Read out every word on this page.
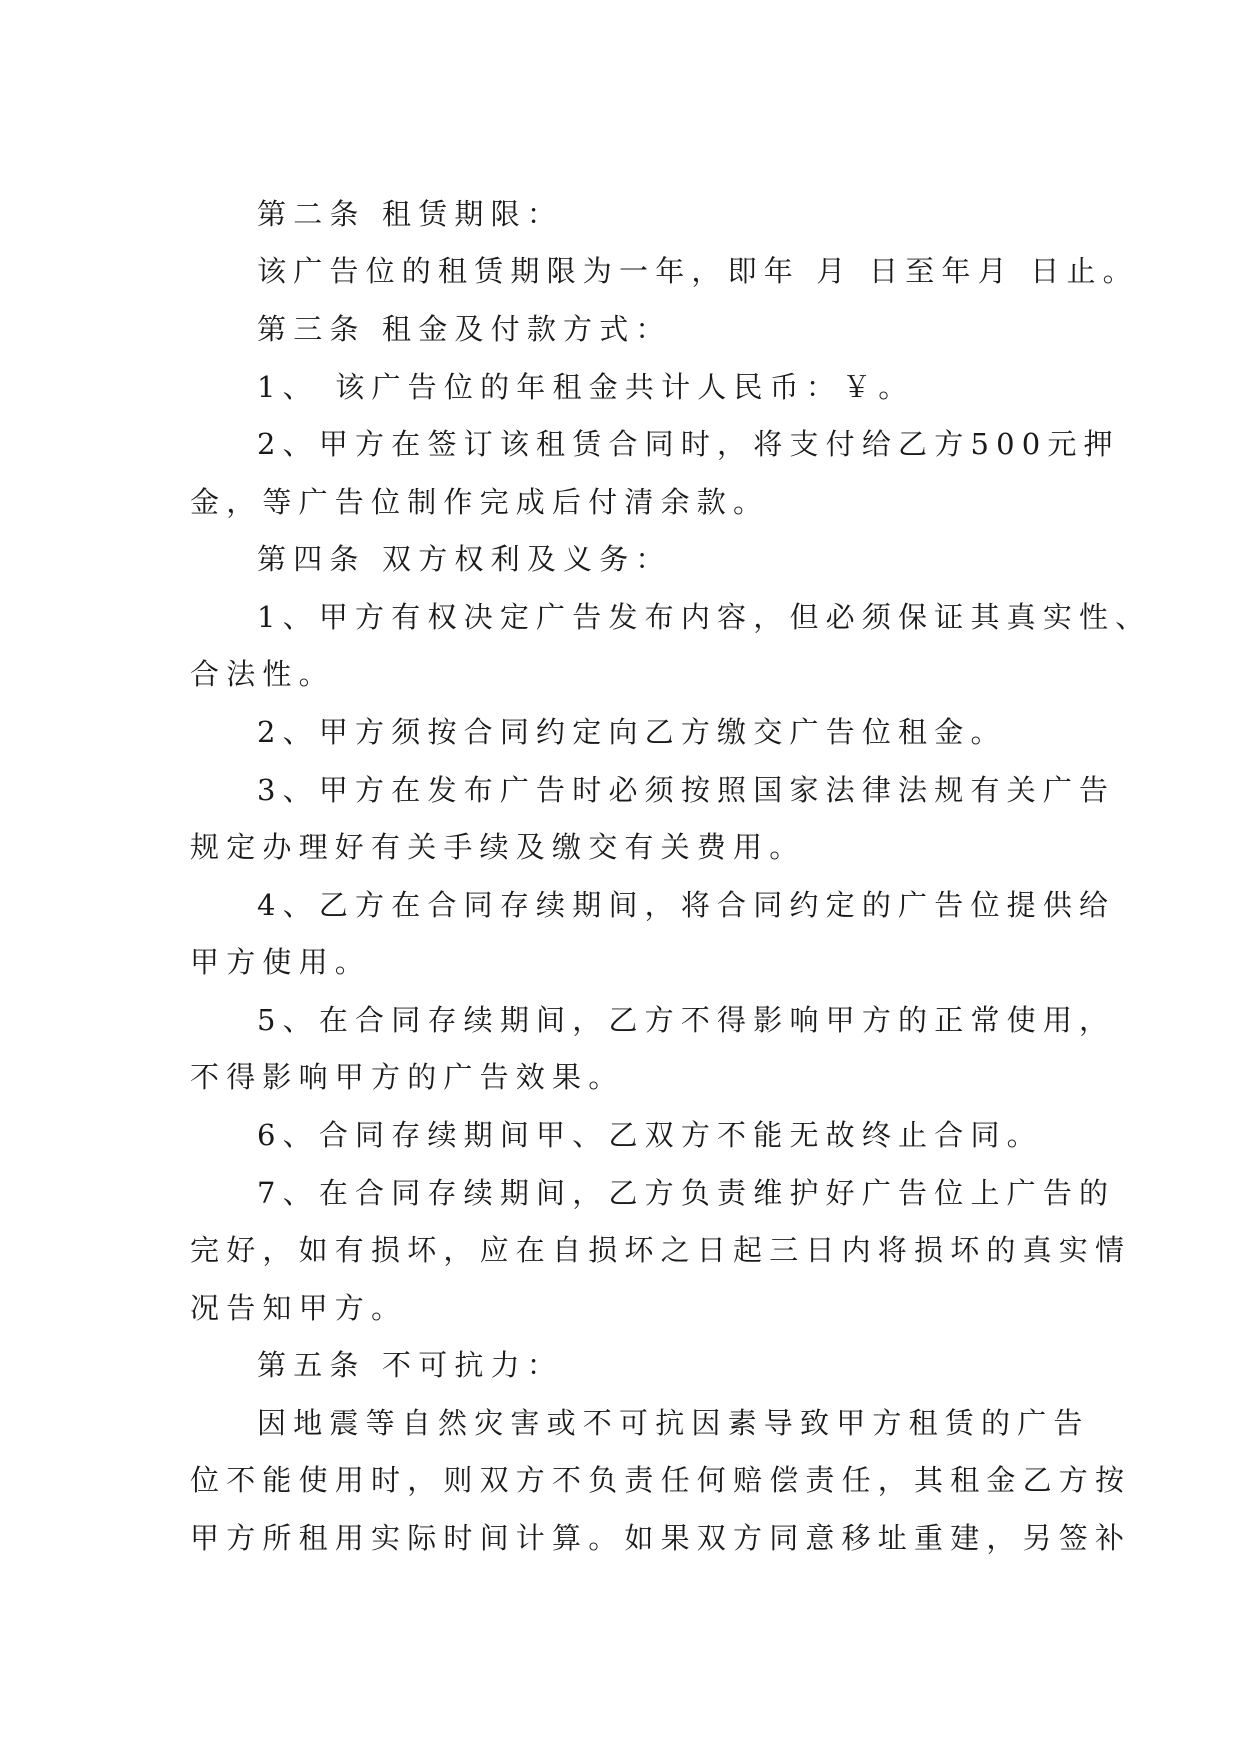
第二条 租赁期限：

该广告位的租赁期限为一年，即年 月 日至年月 日止。

第三条 租金及付款方式：

1、 该广告位的年租金共计人民币：￥。

2、甲方在签订该租赁合同时，将支付给乙方500元押

金，等广告位制作完成后付清余款。

第四条 双方权利及义务：

1、甲方有权决定广告发布内容，但必须保证其真实性、

合法性。

2、甲方须按合同约定向乙方缴交广告位租金。

3、甲方在发布广告时必须按照国家法律法规有关广告

规定办理好有关手续及缴交有关费用。

4、乙方在合同存续期间，将合同约定的广告位提供给

甲方使用。

5、在合同存续期间，乙方不得影响甲方的正常使用，

不得影响甲方的广告效果。

6、合同存续期间甲、乙双方不能无故终止合同。

7、在合同存续期间，乙方负责维护好广告位上广告的

完好，如有损坏，应在自损坏之日起三日内将损坏的真实情

况告知甲方。

第五条 不可抗力：

因地震等自然灾害或不可抗因素导致甲方租赁的广告

位不能使用时，则双方不负责任何赔偿责任，其租金乙方按

甲方所租用实际时间计算。如果双方同意移址重建，另签补
